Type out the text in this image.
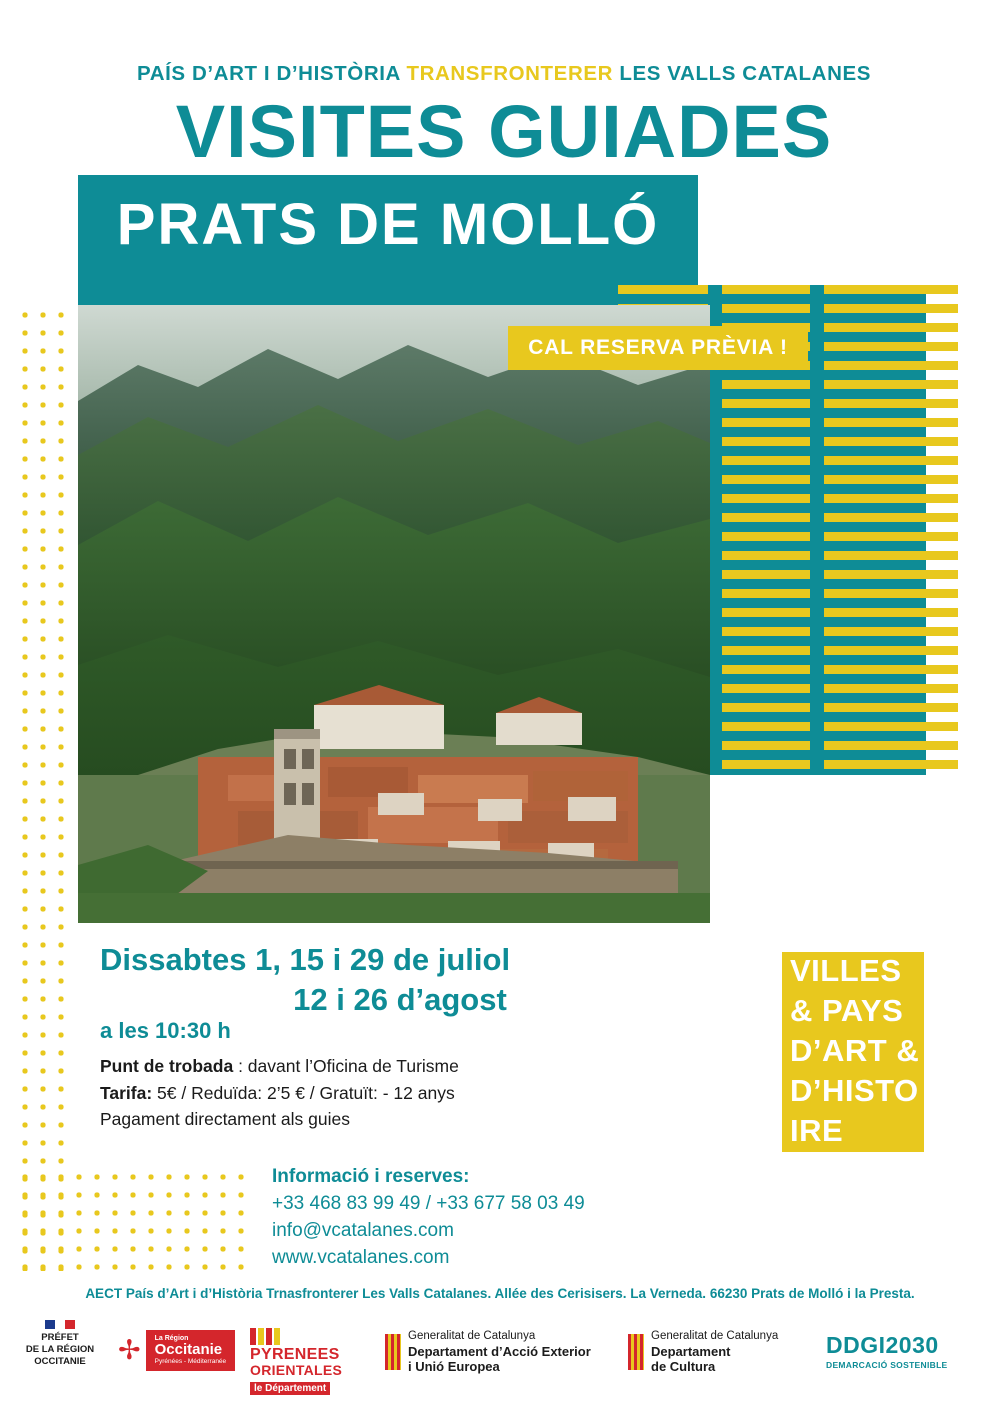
PAÍS D’ART I D’HISTÒRIA TRANSFRONTERER LES VALLS CATALANES
VISITES GUIADES
PRATS DE MOLLÓ
CAL RESERVA PRÈVIA !
VILLES
& PAYS
D’ART &
D’HISTO
IRE
Dissabtes 1, 15 i 29 de juliol
12 i 26 d’agost
a les 10:30 h
Punt de trobada : davant l’Oficina de Turisme
Tarifa: 5€ / Reduïda: 2’5 € / Gratuït: - 12 anys
Pagament directament als guies
Informació i reserves:
+33 468 83 99 49 / +33 677 58 03 49
info@vcatalanes.com
www.vcatalanes.com
AECT País d’Art i d’Història Trnasfronterer Les Valls Catalanes. Allée des Cerisisers. La Verneda. 66230 Prats de Molló i la Presta.
PRÉFET
DE LA RÉGION
OCCITANIE	✢ La Région
Occitanie
Pyrénées - Méditerranée PYRENEES
ORIENTALES
le Département
Generalitat de Catalunya
Departament d’Acció Exterior
i Unió Europea
Generalitat de Catalunya
Departament
de Cultura
DDGI2030
DEMARCACIÓ SOSTENIBLE
